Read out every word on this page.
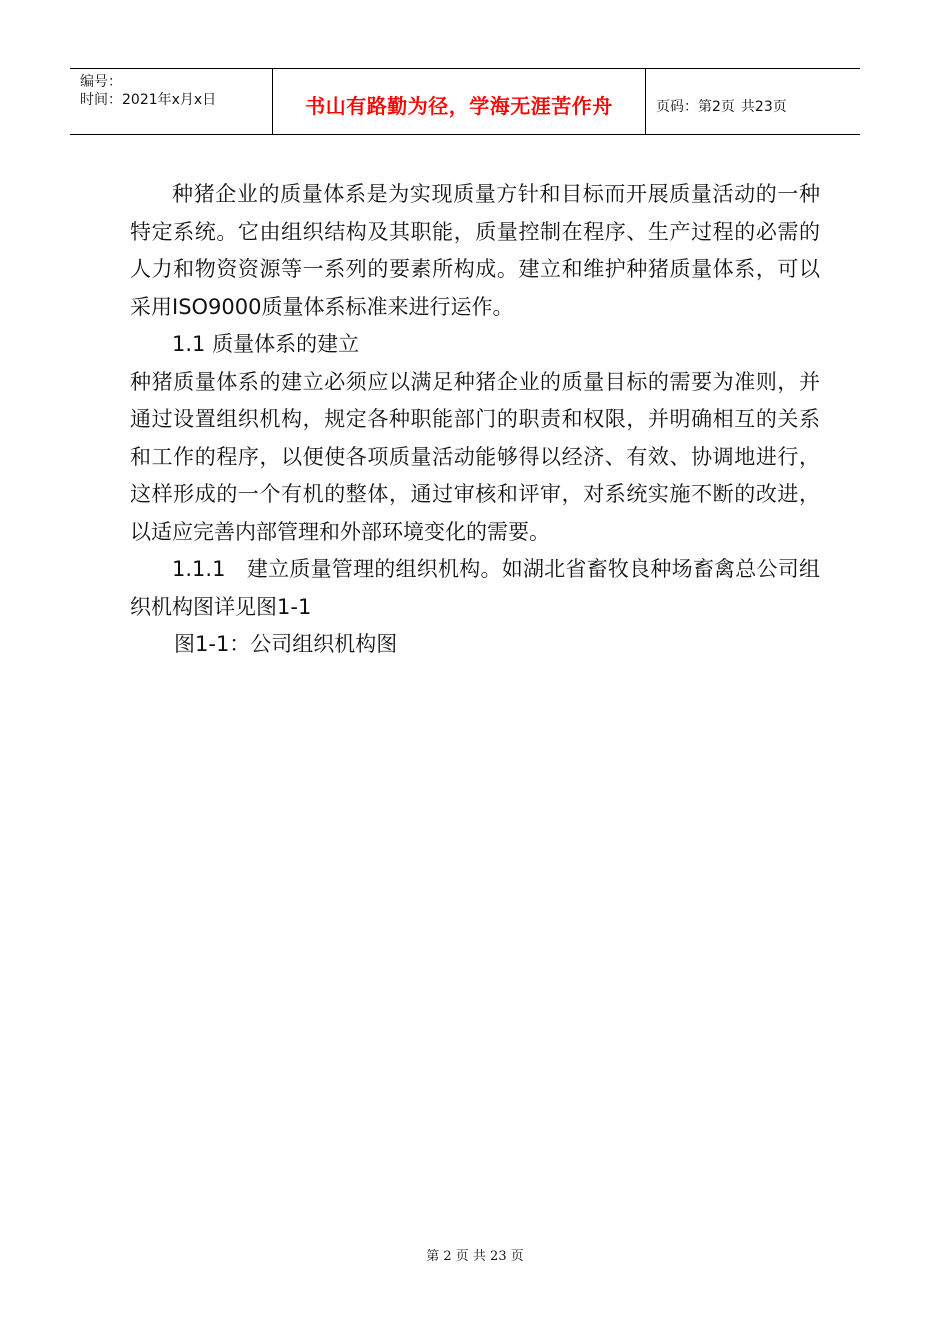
编号：
时间：2021年x月x日	书山有路勤为径，学海无涯苦作舟	页码：第2页 共23页

种猪企业的质量体系是为实现质量方针和目标而开展质量活动的一种特定系统。它由组织结构及其职能，质量控制在程序、生产过程的必需的人力和物资资源等一系列的要素所构成。建立和维护种猪质量体系，可以采用ISO9000质量体系标准来进行运作。

1.1 质量体系的建立

种猪质量体系的建立必须应以满足种猪企业的质量目标的需要为准则，并通过设置组织机构，规定各种职能部门的职责和权限，并明确相互的关系和工作的程序，以便使各项质量活动能够得以经济、有效、协调地进行，这样形成的一个有机的整体，通过审核和评审，对系统实施不断的改进，以适应完善内部管理和外部环境变化的需要。

1.1.1　建立质量管理的组织机构。如湖北省畜牧良种场畜禽总公司组织机构图详见图1-1

图1-1：公司组织机构图

第 2 页 共 23 页
